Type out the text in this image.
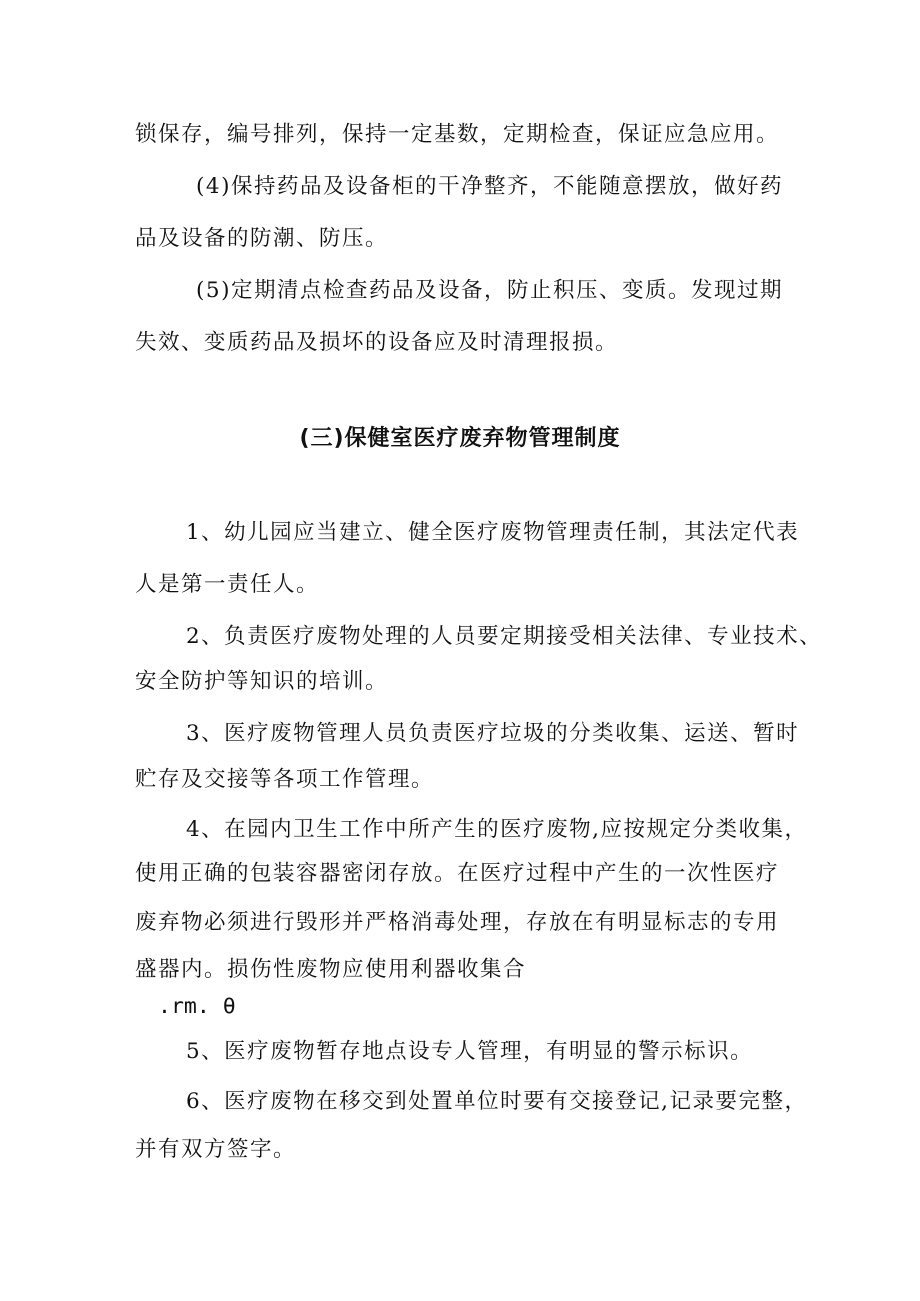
锁保存，编号排列，保持一定基数，定期检查，保证应急应用。
(4)保持药品及设备柜的干净整齐，不能随意摆放，做好药
品及设备的防潮、防压。
(5)定期清点检查药品及设备，防止积压、变质。发现过期
失效、变质药品及损坏的设备应及时清理报损。
(三)保健室医疗废弃物管理制度
1、幼儿园应当建立、健全医疗废物管理责任制，其法定代表
人是第一责任人。
2、负责医疗废物处理的人员要定期接受相关法律、专业技术、
安全防护等知识的培训。
3、医疗废物管理人员负责医疗垃圾的分类收集、运送、暂时
贮存及交接等各项工作管理。
4、在园内卫生工作中所产生的医疗废物,应按规定分类收集，
使用正确的包装容器密闭存放。在医疗过程中产生的一次性医疗
废弃物必须进行毁形并严格消毒处理，存放在有明显标志的专用
盛器内。损伤性废物应使用利器收集合
.rm. θ
5、医疗废物暂存地点设专人管理，有明显的警示标识。
6、医疗废物在移交到处置单位时要有交接登记,记录要完整，
并有双方签字。
